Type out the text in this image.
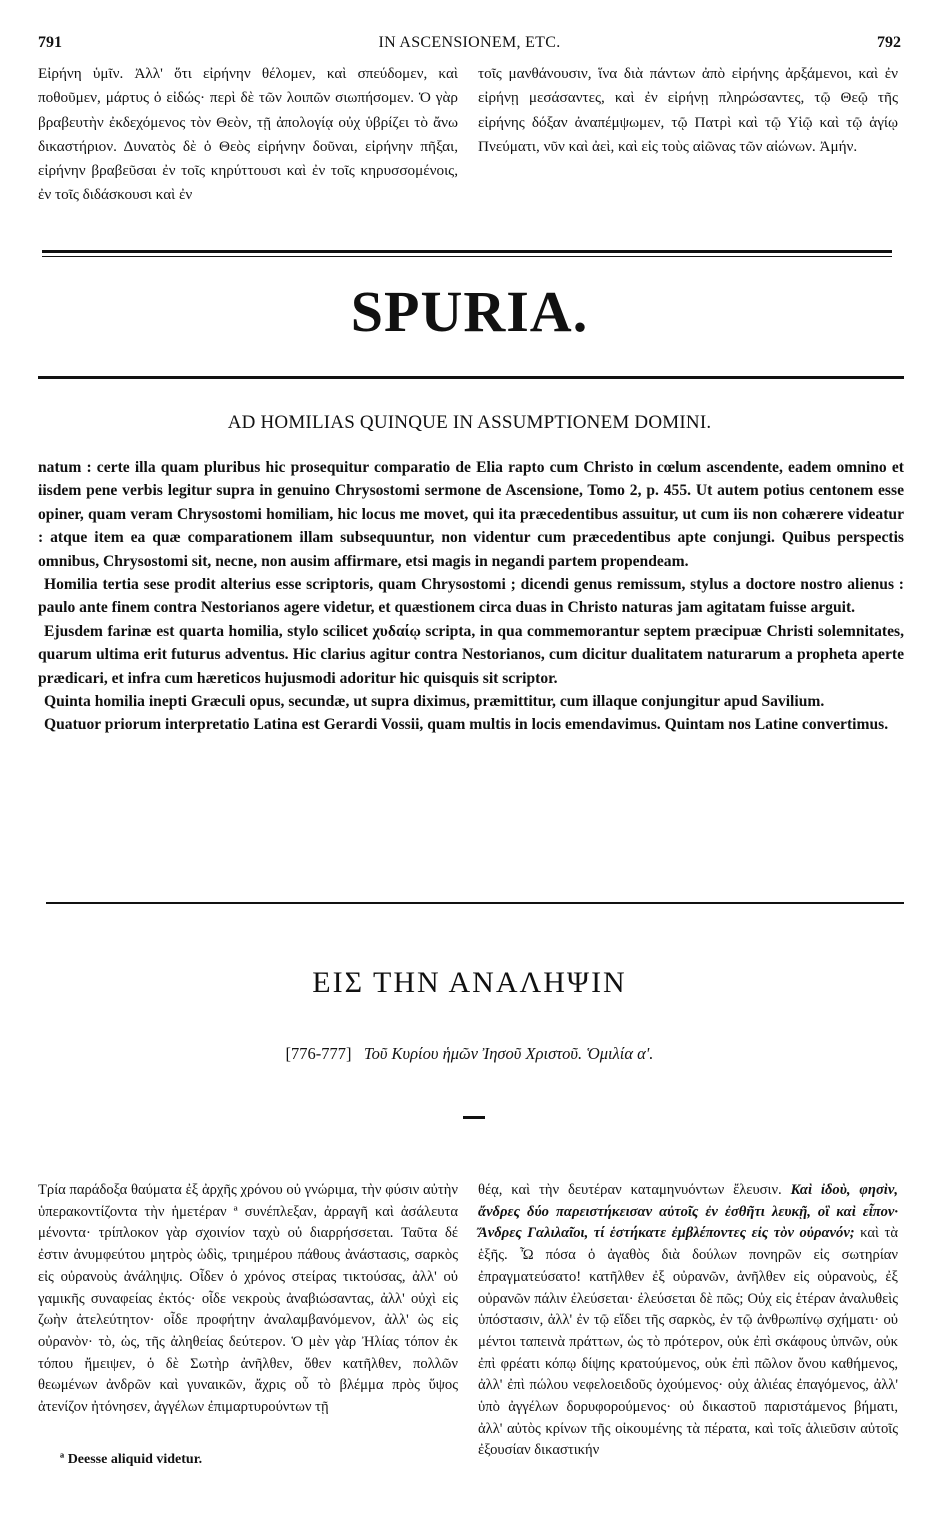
791	IN ASCENSIONEM, ETC.	792

Εἰρήνη ὑμῖν. Ἀλλ' ὅτι εἰρήνην θέλομεν, καὶ σπεύδομεν, καὶ ποθοῦμεν, μάρτυς ὁ εἰδώς· περὶ δὲ τῶν λοιπῶν σιωπήσομεν. Ὁ γὰρ βραβευτὴν ἐκδεχόμενος τὸν Θεὸν, τῇ ἀπολογίᾳ οὐχ ὑβρίζει τὸ ἄνω δικαστήριον. Δυνατὸς δὲ ὁ Θεὸς εἰρήνην δοῦναι, εἰρήνην πῆξαι, εἰρήνην βραβεῦσαι ἐν τοῖς κηρύττουσι καὶ ἐν τοῖς κηρυσσομένοις, ἐν τοῖς διδάσκουσι καὶ ἐν

τοῖς μανθάνουσιν, ἵνα διὰ πάντων ἀπὸ εἰρήνης ἀρξάμενοι, καὶ ἐν εἰρήνῃ μεσάσαντες, καὶ ἐν εἰρήνῃ πληρώσαντες, τῷ Θεῷ τῆς εἰρήνης δόξαν ἀναπέμψωμεν, τῷ Πατρὶ καὶ τῷ Υἱῷ καὶ τῷ ἁγίῳ Πνεύματι, νῦν καὶ ἀεὶ, καὶ εἰς τοὺς αἰῶνας τῶν αἰώνων. Ἀμήν.

SPURIA.
AD HOMILIAS QUINQUE IN ASSUMPTIONEM DOMINI.

natum : certe illa quam pluribus hic prosequitur comparatio de Elia rapto cum Christo in cœlum ascendente, eadem omnino et iisdem pene verbis legitur supra in genuino Chrysostomi sermone de Ascensione, Tomo 2, p. 455. Ut autem potius centonem esse opiner, quam veram Chrysostomi homiliam, hic locus me movet, qui ita præcedentibus assuitur, ut cum iis non cohærere videatur : atque item ea quæ comparationem illam subsequuntur, non videntur cum præcedentibus apte conjungi. Quibus perspectis omnibus, Chrysostomi sit, necne, non ausim affirmare, etsi magis in negandi partem propendeam.

Homilia tertia sese prodit alterius esse scriptoris, quam Chrysostomi ; dicendi genus remissum, stylus a doctore nostro alienus : paulo ante finem contra Nestorianos agere videtur, et quæstionem circa duas in Christo naturas jam agitatam fuisse arguit.

Ejusdem farinæ est quarta homilia, stylo scilicet χυδαίῳ scripta, in qua commemorantur septem præcipuæ Christi solemnitates, quarum ultima erit futurus adventus. Hic clarius agitur contra Nestorianos, cum dicitur dualitatem naturarum a propheta aperte prædicari, et infra cum hæreticos hujusmodi adoritur hic quisquis sit scriptor.

Quinta homilia inepti Græculi opus, secundæ, ut supra diximus, præmittitur, cum illaque conjungitur apud Savilium.

Quatuor priorum interpretatio Latina est Gerardi Vossii, quam multis in locis emendavimus. Quintam nos Latine convertimus.

ΕΙΣ ΤΗΝ ΑΝΑΛΗΨΙΝ
[776-777] Τοῦ Κυρίου ἡμῶν Ἰησοῦ Χριστοῦ. Ὁμιλία α'.

Τρία παράδοξα θαύματα ἐξ ἀρχῆς χρόνου οὐ γνώριμα, τὴν φύσιν αὐτὴν ὑπερακοντίζοντα τὴν ἡμετέραν ª συνέπλεξαν, ἀρραγῆ καὶ ἀσάλευτα μένοντα· τρίπλοκον γὰρ σχοινίον ταχὺ οὐ διαρρήσσεται. Ταῦτα δέ ἐστιν ἀνυμφεύτου μητρὸς ὠδὶς, τριημέρου πάθους ἀνάστασις, σαρκὸς εἰς οὐρανοὺς ἀνάληψις. Οἶδεν ὁ χρόνος στείρας τικτούσας, ἀλλ' οὐ γαμικῆς συναφείας ἐκτός· οἶδε νεκροὺς ἀναβιώσαντας, ἀλλ' οὐχὶ εἰς ζωὴν ἀτελεύτητον· οἶδε προφήτην ἀναλαμβανόμενον, ἀλλ' ὡς εἰς οὐρανὸν· τὸ, ὡς, τῆς ἀληθείας δεύτερον. Ὁ μὲν γὰρ Ἠλίας τόπον ἐκ τόπου ἤμειψεν, ὁ δὲ Σωτὴρ ἀνῆλθεν, ὅθεν κατῆλθεν, πολλῶν θεωμένων ἀνδρῶν καὶ γυναικῶν, ἄχρις οὗ τὸ βλέμμα πρὸς ὕψος ἀτενίζον ἠτόνησεν, ἀγγέλων ἐπιμαρτυρούντων τῇ

θέᾳ, καὶ τὴν δευτέραν καταμηνυόντων ἔλευσιν. Καὶ ἰδοὺ, φησὶν, ἄνδρες δύο παρειστήκεισαν αὐτοῖς ἐν ἐσθῆτι λευκῇ, οἳ καὶ εἶπον· Ἄνδρες Γαλιλαῖοι, τί ἑστήκατε ἐμβλέποντες εἰς τὸν οὐρανόν; καὶ τὰ ἑξῆς. Ὦ πόσα ὁ ἀγαθὸς διὰ δούλων πονηρῶν εἰς σωτηρίαν ἐπραγματεύσατο! κατῆλθεν ἐξ οὐρανῶν, ἀνῆλθεν εἰς οὐρανοὺς, ἐξ οὐρανῶν πάλιν ἐλεύσεται· ἐλεύσεται δὲ πῶς; Οὐχ εἰς ἑτέραν ἀναλυθεὶς ὑπόστασιν, ἀλλ' ἐν τῷ εἴδει τῆς σαρκὸς, ἐν τῷ ἀνθρωπίνῳ σχήματι· οὐ μέντοι ταπεινὰ πράττων, ὡς τὸ πρότερον, οὐκ ἐπὶ σκάφους ὑπνῶν, οὐκ ἐπὶ φρέατι κόπῳ δίψης κρατούμενος, οὐκ ἐπὶ πῶλον ὄνου καθήμενος, ἀλλ' ἐπὶ πώλου νεφελοειδοῦς ὀχούμενος· οὐχ ἁλιέας ἐπαγόμενος, ἀλλ' ὑπὸ ἀγγέλων δορυφορούμενος· οὐ δικαστοῦ παριστάμενος βήματι, ἀλλ' αὐτὸς κρίνων τῆς οἰκουμένης τὰ πέρατα, καὶ τοῖς ἁλιεῦσιν αὐτοῖς ἐξουσίαν δικαστικήν

ª Deesse aliquid videtur.
